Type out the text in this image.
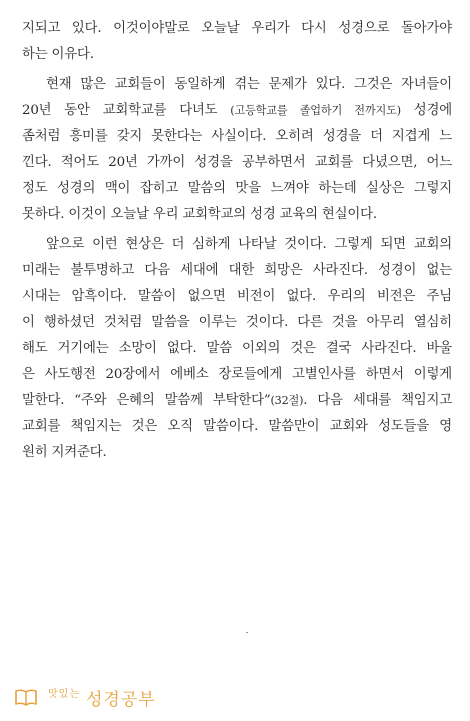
지되고 있다. 이것이야말로 오늘날 우리가 다시 성경으로 돌아가야
하는 이유다.
현재 많은 교회들이 동일하게 겪는 문제가 있다. 그것은 자녀들이
20년 동안 교회학교를 다녀도 (고등학교를 졸업하기 전까지도) 성경에
좀처럼 흥미를 갖지 못한다는 사실이다. 오히려 성경을 더 지겹게 느
낀다. 적어도 20년 가까이 성경을 공부하면서 교회를 다녔으면, 어느
정도 성경의 맥이 잡히고 말씀의 맛을 느껴야 하는데 실상은 그렇지
못하다. 이것이 오늘날 우리 교회학교의 성경 교육의 현실이다.
앞으로 이런 현상은 더 심하게 나타날 것이다. 그렇게 되면 교회의
미래는 불투명하고 다음 세대에 대한 희망은 사라진다. 성경이 없는
시대는 암흑이다. 말씀이 없으면 비전이 없다. 우리의 비전은 주님
이 행하셨던 것처럼 말씀을 이루는 것이다. 다른 것을 아무리 열심히
해도 거기에는 소망이 없다. 말씀 이외의 것은 결국 사라진다. 바울
은 사도행전 20장에서 에베소 장로들에게 고별인사를 하면서 이렇게
말한다. “주와 은혜의 말씀께 부탁한다”(32절). 다음 세대를 책임지고
교회를 책임지는 것은 오직 말씀이다. 말씀만이 교회와 성도들을 영
원히 지켜준다.
$^{맛있는}$ 성경공부
